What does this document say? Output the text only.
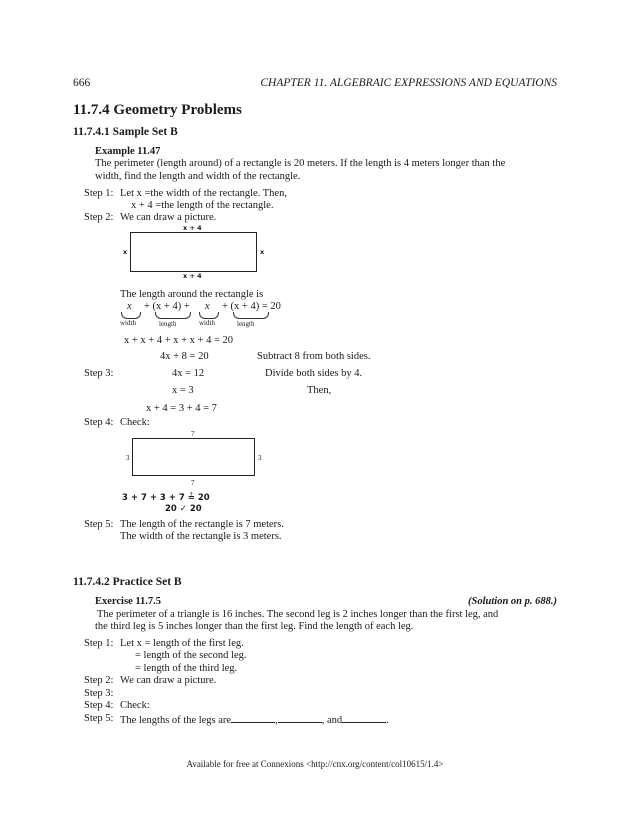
666	CHAPTER 11. ALGEBRAIC EXPRESSIONS AND EQUATIONS
11.7.4 Geometry Problems
11.7.4.1 Sample Set B
Example 11.47
The perimeter (length around) of a rectangle is 20 meters. If the length is 4 meters longer than the
width, find the length and width of the rectangle.
Step 1: Let x =the width of the rectangle. Then,
x + 4 =the length of the rectangle.
Step 2: We can draw a picture.
x + 4
x	x
x + 4
The length around the rectangle is
x + (x + 4) + x + (x + 4) = 20
width	length	width	length
x + x + 4 + x + x + 4 = 20
4x + 8 = 20	Subtract 8 from both sides.
Step 3:	4x = 12	Divide both sides by 4.
x = 3	Then,
x + 4 = 3 + 4 = 7
Step 4: Check:
7
3	3
7
3 + 7 + 3 + 7 ≟ 20
20 ✓ 20
Step 5: The length of the rectangle is 7 meters.
The width of the rectangle is 3 meters.
11.7.4.2 Practice Set B
Exercise 11.7.5	(Solution on p. 688.)
The perimeter of a triangle is 16 inches. The second leg is 2 inches longer than the first leg, and
the third leg is 5 inches longer than the first leg. Find the length of each leg.
Step 1: Let x = length of the first leg.
= length of the second leg.
= length of the third leg.
Step 2: We can draw a picture.
Step 3:
Step 4: Check:
Step 5: The lengths of the legs are	,	, and	.
Available for free at Connexions <http://cnx.org/content/col10615/1.4>
